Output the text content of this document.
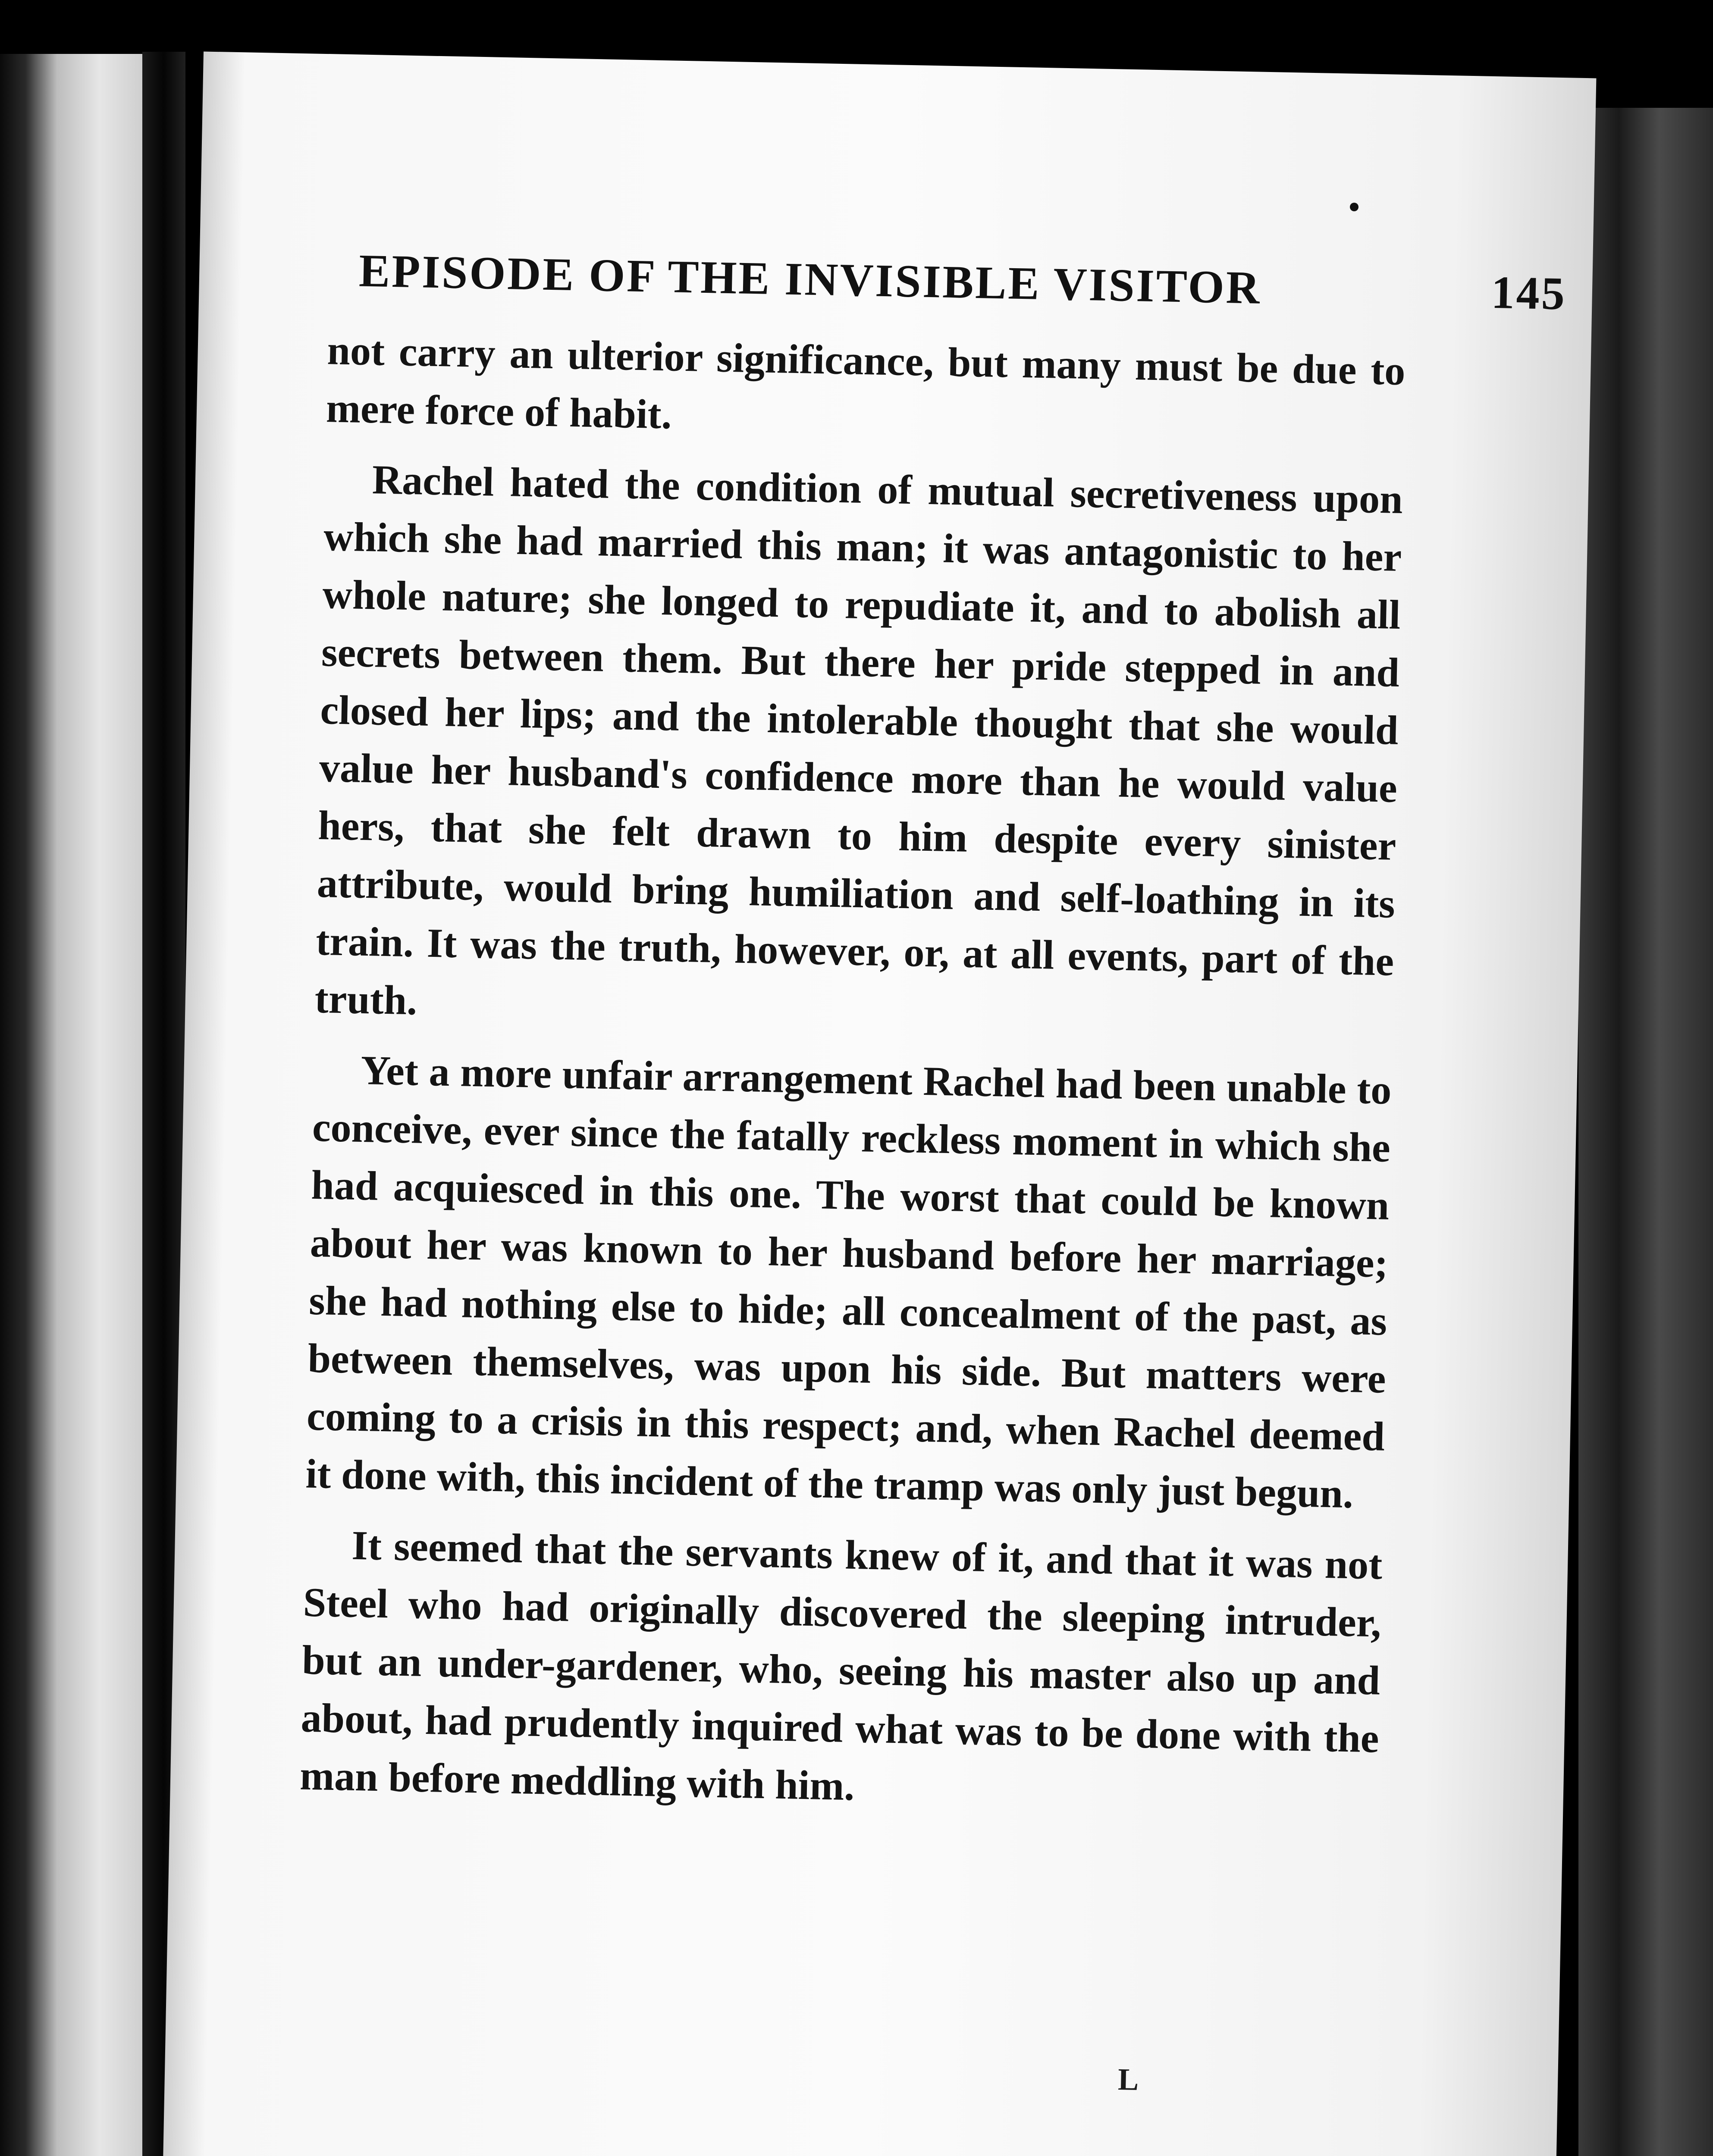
EPISODE OF THE INVISIBLE VISITOR	145

not carry an ulterior significance, but many must be due to mere force of habit.

Rachel hated the condition of mutual secretiveness upon which she had married this man; it was antagonistic to her whole nature; she longed to repudiate it, and to abolish all secrets between them. But there her pride stepped in and closed her lips; and the intolerable thought that she would value her husband's confidence more than he would value hers, that she felt drawn to him despite every sinister attribute, would bring humiliation and self-loathing in its train. It was the truth, however, or, at all events, part of the truth.

Yet a more unfair arrangement Rachel had been unable to conceive, ever since the fatally reckless moment in which she had acquiesced in this one. The worst that could be known about her was known to her husband before her marriage; she had nothing else to hide; all concealment of the past, as between themselves, was upon his side. But matters were coming to a crisis in this respect; and, when Rachel deemed it done with, this incident of the tramp was only just begun.

It seemed that the servants knew of it, and that it was not Steel who had originally discovered the sleeping intruder, but an under-gardener, who, seeing his master also up and about, had prudently inquired what was to be done with the man before meddling with him.

L
